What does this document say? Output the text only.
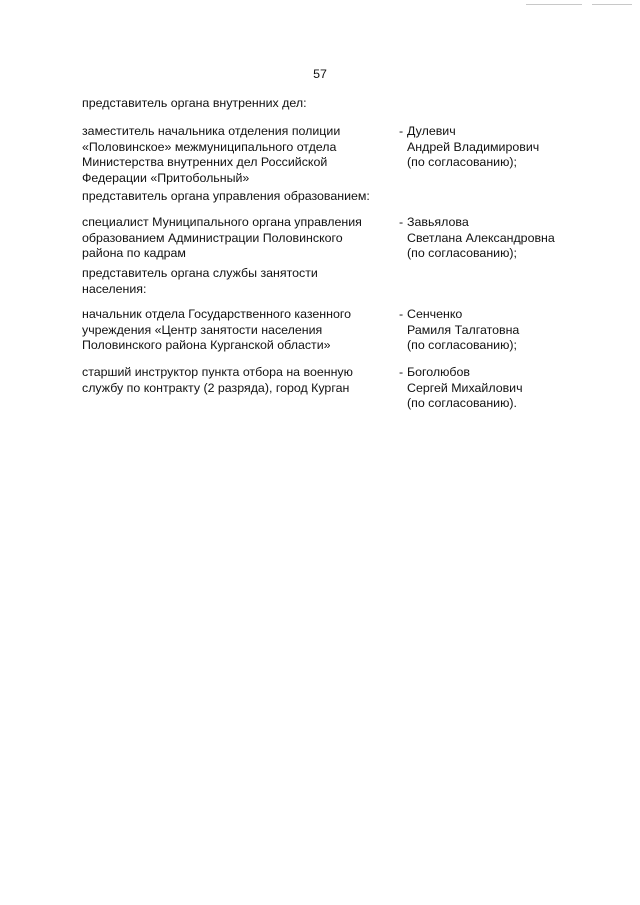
57
представитель органа внутренних дел:
заместитель начальника отделения полиции
«Половинское» межмуниципального отдела
Министерства внутренних дел Российской
Федерации «Притобольный»
- Дулевич
Андрей Владимирович
(по согласованию);
представитель органа управления образованием:
специалист Муниципального органа управления
образованием Администрации Половинского
района по кадрам
- Завьялова
Светлана Александровна
(по согласованию);
представитель органа службы занятости
населения:
начальник отдела Государственного казенного
учреждения «Центр занятости населения
Половинского района Курганской области»
- Сенченко
Рамиля Талгатовна
(по согласованию);
старший инструктор пункта отбора на военную
службу по контракту (2 разряда), город Курган
- Боголюбов
Сергей Михайлович
(по согласованию).
